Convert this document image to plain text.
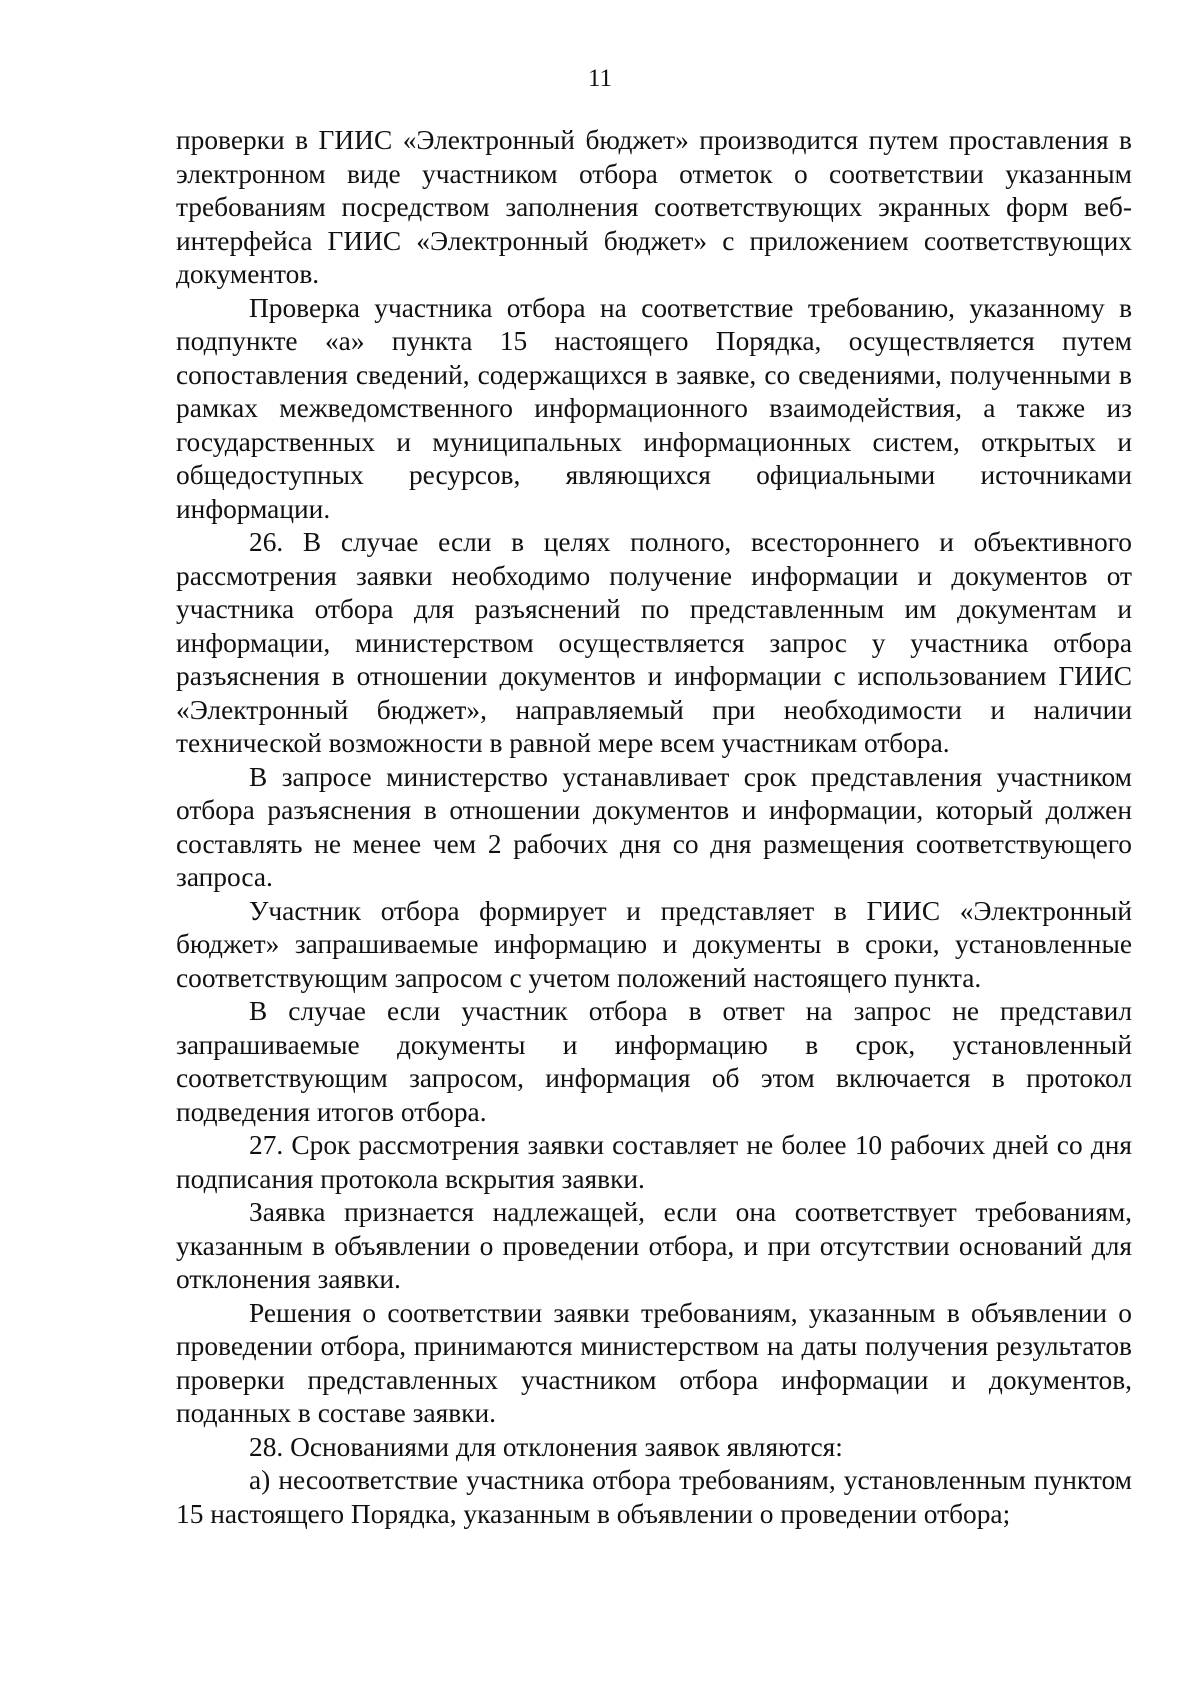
11

проверки в ГИИС «Электронный бюджет» производится путем проставления в электронном виде участником отбора отметок о соответствии указанным требованиям посредством заполнения соответствующих экранных форм веб-интерфейса ГИИС «Электронный бюджет» с приложением соответствующих документов.

Проверка участника отбора на соответствие требованию, указанному в подпункте «а» пункта 15 настоящего Порядка, осуществляется путем сопоставления сведений, содержащихся в заявке, со сведениями, полученными в рамках межведомственного информационного взаимодействия, а также из государственных и муниципальных информационных систем, открытых и общедоступных ресурсов, являющихся официальными источниками информации.

26. В случае если в целях полного, всестороннего и объективного рассмотрения заявки необходимо получение информации и документов от участника отбора для разъяснений по представленным им документам и информации, министерством осуществляется запрос у участника отбора разъяснения в отношении документов и информации с использованием ГИИС «Электронный бюджет», направляемый при необходимости и наличии технической возможности в равной мере всем участникам отбора.

В запросе министерство устанавливает срок представления участником отбора разъяснения в отношении документов и информации, который должен составлять не менее чем 2 рабочих дня со дня размещения соответствующего запроса.

Участник отбора формирует и представляет в ГИИС «Электронный бюджет» запрашиваемые информацию и документы в сроки, установленные соответствующим запросом с учетом положений настоящего пункта.

В случае если участник отбора в ответ на запрос не представил запрашиваемые документы и информацию в срок, установленный соответствующим запросом, информация об этом включается в протокол подведения итогов отбора.

27. Срок рассмотрения заявки составляет не более 10 рабочих дней со дня подписания протокола вскрытия заявки.

Заявка признается надлежащей, если она соответствует требованиям, указанным в объявлении о проведении отбора, и при отсутствии оснований для отклонения заявки.

Решения о соответствии заявки требованиям, указанным в объявлении о проведении отбора, принимаются министерством на даты получения результатов проверки представленных участником отбора информации и документов, поданных в составе заявки.

28. Основаниями для отклонения заявок являются:

а) несоответствие участника отбора требованиям, установленным пунктом 15 настоящего Порядка, указанным в объявлении о проведении отбора;
